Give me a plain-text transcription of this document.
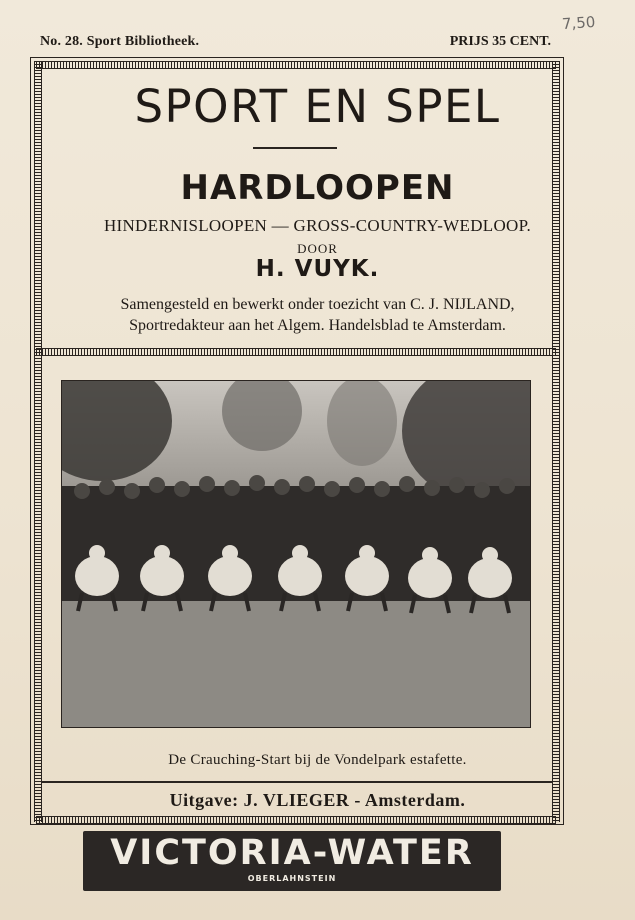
No. 28. Sport Bibliotheek.	PRIJS 35 CENT.
7,50
SPORT EN SPEL
HARDLOOPEN
HINDERNISLOOPEN — GROSS-COUNTRY-WEDLOOP.
DOOR
H. VUYK.
Samengesteld en bewerkt onder toezicht van C. J. NIJLAND,
Sportredakteur aan het Algem. Handelsblad te Amsterdam.
De Crauching-Start bij de Vondelpark estafette.
Uitgave: J. VLIEGER - Amsterdam.
VICTORIA-WATER
OBERLAHNSTEIN
